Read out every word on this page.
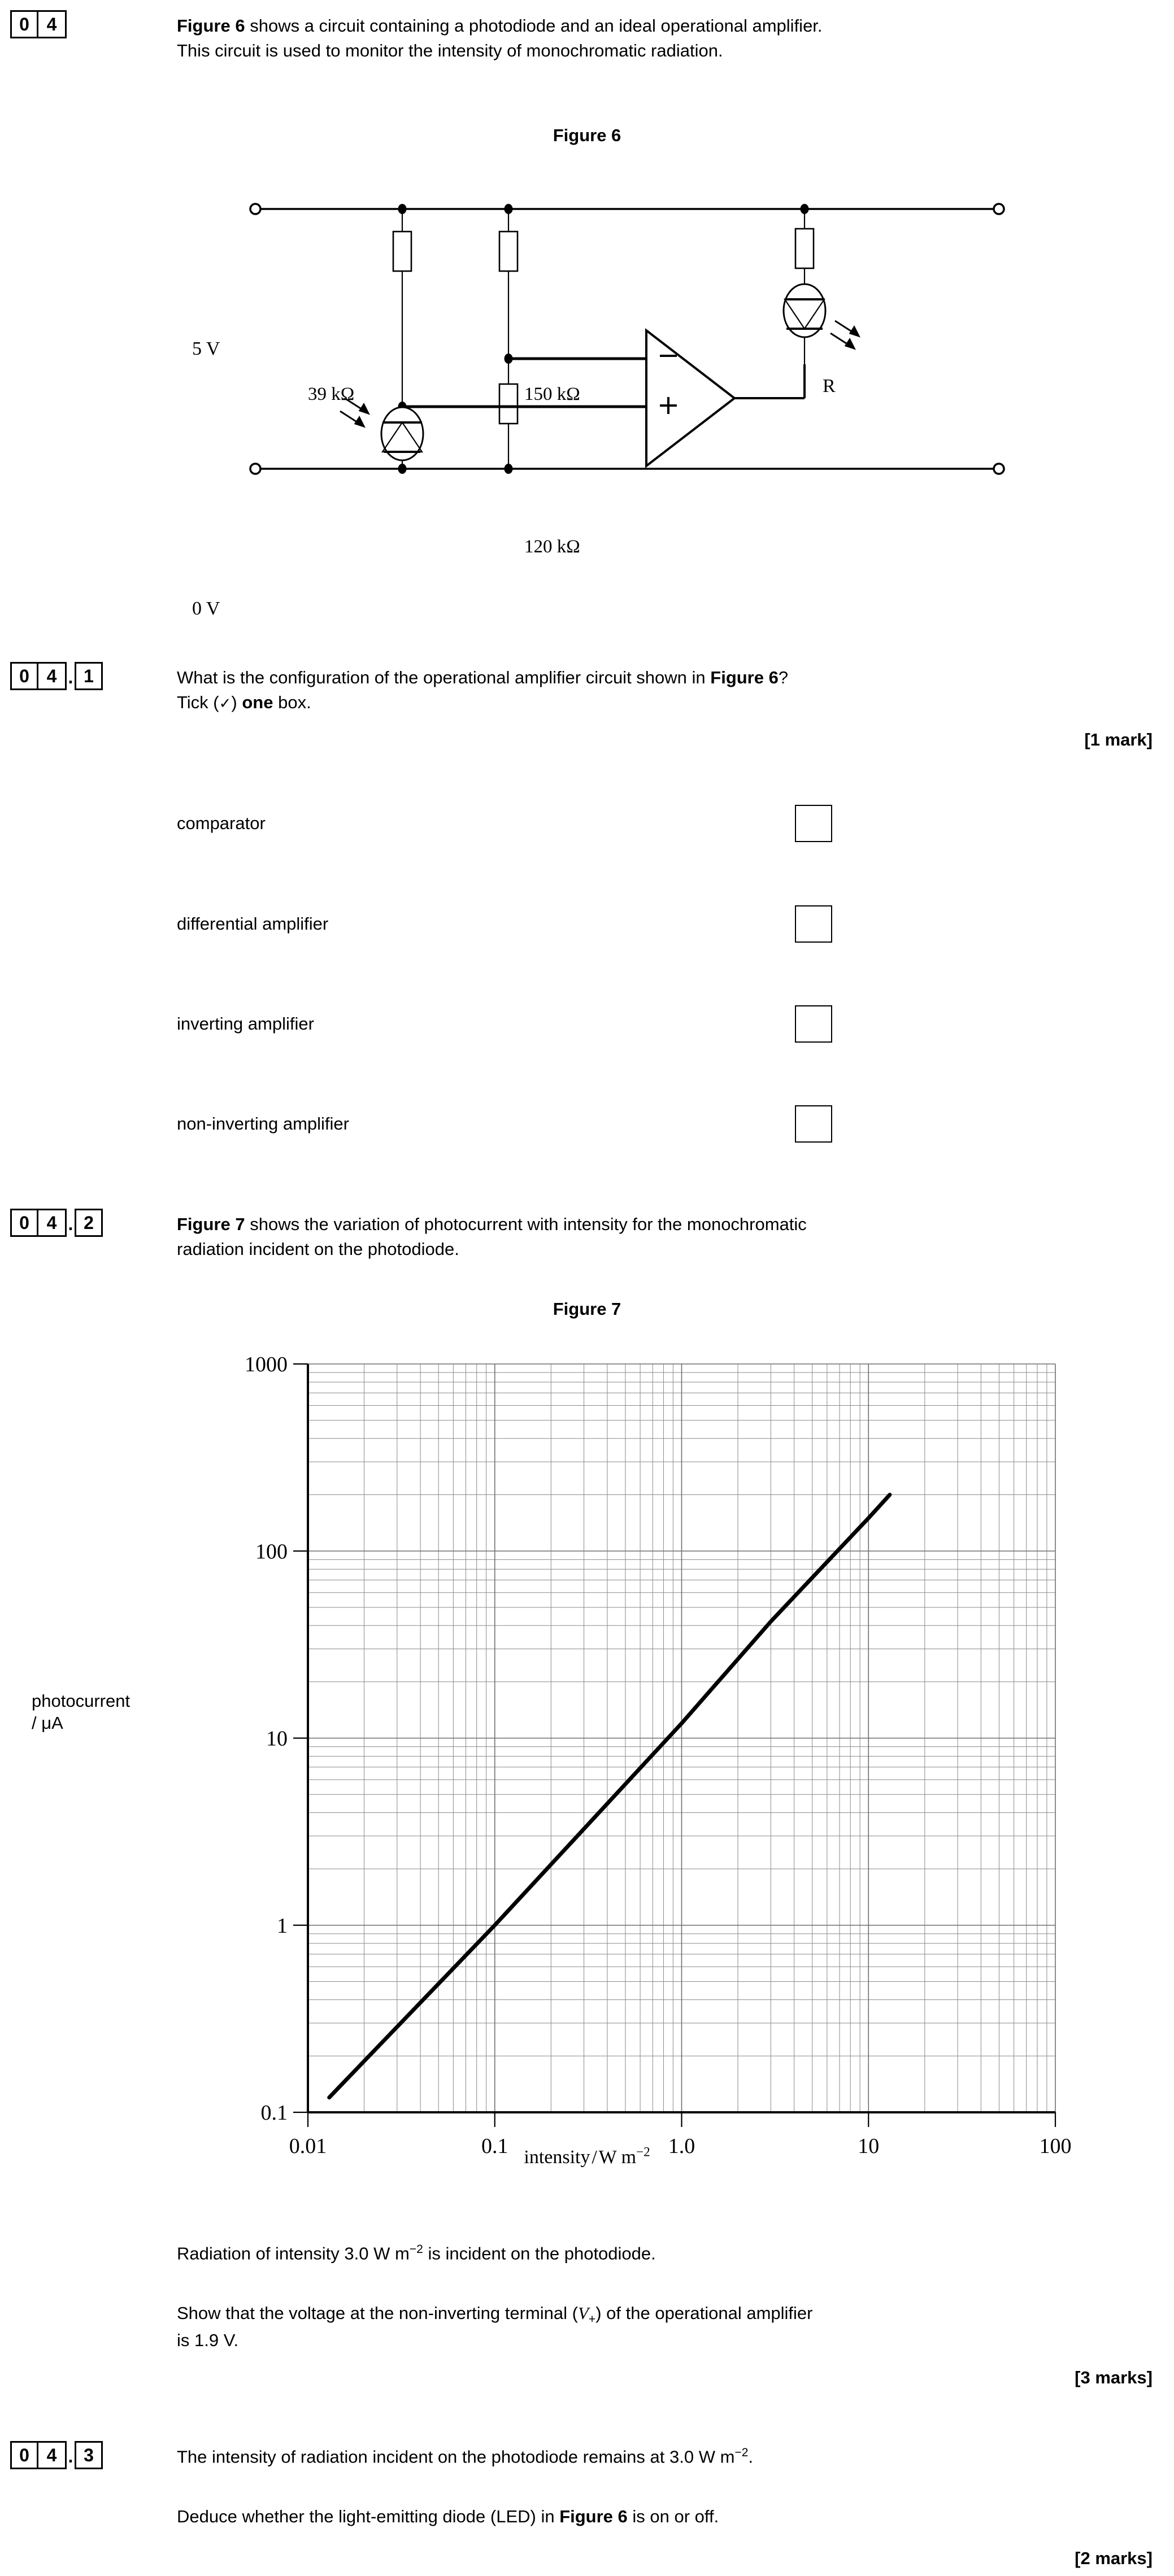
0 4	Figure 6 shows a circuit containing a photodiode and an ideal operational amplifier.
This circuit is used to monitor the intensity of monochromatic radiation.
Figure 6
5 V
0 V
39 kΩ	150 kΩ	R
120 kΩ
0 4 . 1	What is the configuration of the operational amplifier circuit shown in Figure 6?
Tick (✓) one box.
[1 mark]
comparator
differential amplifier
inverting amplifier
non-inverting amplifier
0 4 . 2	Figure 7 shows the variation of photocurrent with intensity for the monochromatic
radiation incident on the photodiode.
Figure 7
0.01	0.1	1.0	10	100
0.1
1
10
100
1000
photocurrent
/ μA
intensity / W $m^{-2}$
Radiation of intensity 3.0 W $m^{-2}$ is incident on the photodiode.
Show that the voltage at the non-inverting terminal $(V_+)$ of the operational amplifier
is 1.9 V.
[3 marks]
0 4 . 3	The intensity of radiation incident on the photodiode remains at 3.0 W $m^{-2}$.
Deduce whether the light-emitting diode (LED) in Figure 6 is on or off.
[2 marks]
